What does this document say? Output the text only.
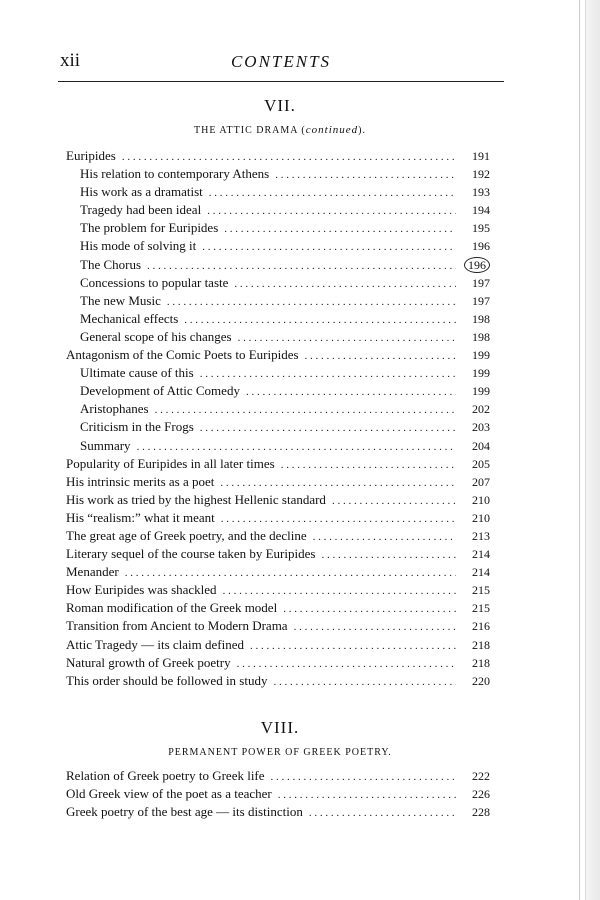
xii	CONTENTS
VII.
THE ATTIC DRAMA (continued).
Euripides . . .	191
His relation to contemporary Athens . . .	192
His work as a dramatist . . .	193
Tragedy had been ideal . . .	194
The problem for Euripides . . .	195
His mode of solving it . . .	196
The Chorus . . .	196
Concessions to popular taste . . .	197
The new Music . . .	197
Mechanical effects . . .	198
General scope of his changes . . .	198
Antagonism of the Comic Poets to Euripides . . .	199
Ultimate cause of this . . .	199
Development of Attic Comedy . . .	199
Aristophanes . . .	202
Criticism in the Frogs . . .	203
Summary . . .	204
Popularity of Euripides in all later times . . .	205
His intrinsic merits as a poet . . .	207
His work as tried by the highest Hellenic standard . . .	210
His “realism:” what it meant . . .	210
The great age of Greek poetry, and the decline . . .	213
Literary sequel of the course taken by Euripides . . .	214
Menander . . .	214
How Euripides was shackled . . .	215
Roman modification of the Greek model . . .	215
Transition from Ancient to Modern Drama . . .	216
Attic Tragedy — its claim defined . . .	218
Natural growth of Greek poetry . . .	218
This order should be followed in study . . .	220
VIII.
PERMANENT POWER OF GREEK POETRY.
Relation of Greek poetry to Greek life . . .	222
Old Greek view of the poet as a teacher . . .	226
Greek poetry of the best age — its distinction . . .	228
